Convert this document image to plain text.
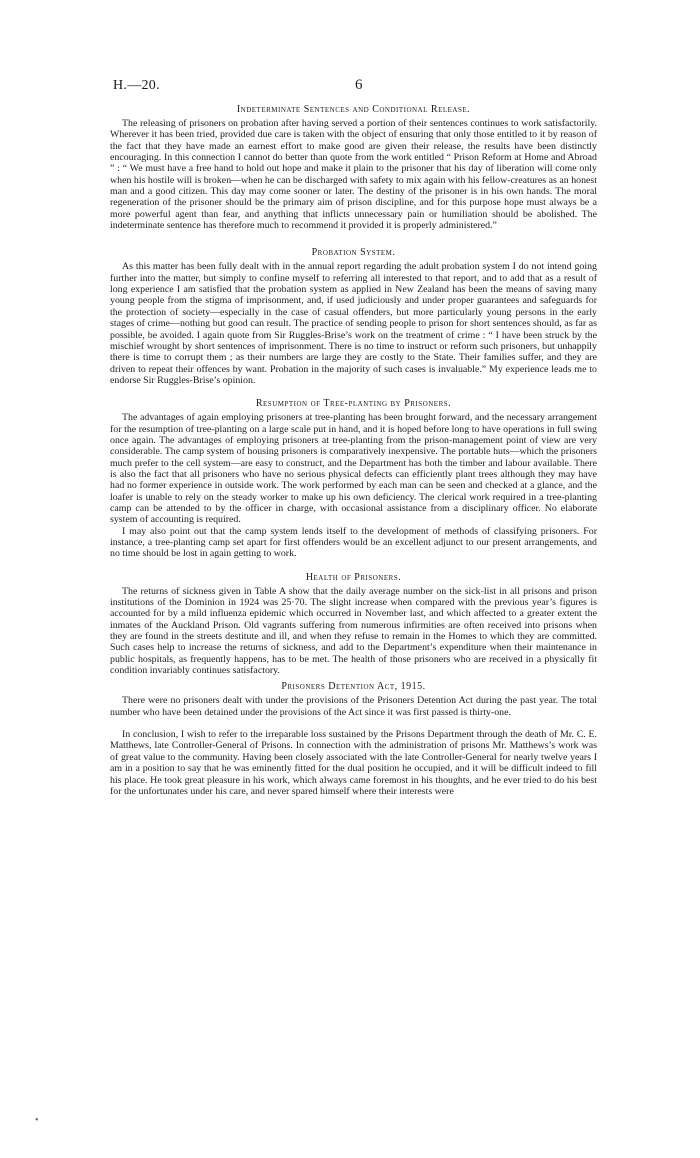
H.—20.	6
Indeterminate Sentences and Conditional Release.

The releasing of prisoners on probation after having served a portion of their sentences continues to work satisfactorily. Wherever it has been tried, provided due care is taken with the object of ensuring that only those entitled to it by reason of the fact that they have made an earnest effort to make good are given their release, the results have been distinctly encouraging. In this connection I cannot do better than quote from the work entitled “ Prison Reform at Home and Abroad ” : “ We must have a free hand to hold out hope and make it plain to the prisoner that his day of liberation will come only when his hostile will is broken—when he can be discharged with safety to mix again with his fellow-creatures as an honest man and a good citizen. This day may come sooner or later. The destiny of the prisoner is in his own hands. The moral regeneration of the prisoner should be the primary aim of prison discipline, and for this purpose hope must always be a more powerful agent than fear, and anything that inflicts unnecessary pain or humiliation should be abolished. The indeterminate sentence has therefore much to recommend it provided it is properly administered.”

Probation System.

As this matter has been fully dealt with in the annual report regarding the adult probation system I do not intend going further into the matter, but simply to confine myself to referring all interested to that report, and to add that as a result of long experience I am satisfied that the probation system as applied in New Zealand has been the means of saving many young people from the stigma of imprisonment, and, if used judiciously and under proper guarantees and safeguards for the protection of society—especially in the case of casual offenders, but more particularly young persons in the early stages of crime—nothing but good can result. The practice of sending people to prison for short sentences should, as far as possible, be avoided. I again quote from Sir Ruggles-Brise’s work on the treatment of crime : “ I have been struck by the mischief wrought by short sentences of imprisonment. There is no time to instruct or reform such prisoners, but unhappily there is time to corrupt them ; as their numbers are large they are costly to the State. Their families suffer, and they are driven to repeat their offences by want. Probation in the majority of such cases is invaluable.” My experience leads me to endorse Sir Ruggles-Brise’s opinion.

Resumption of Tree-planting by Prisoners.

The advantages of again employing prisoners at tree-planting has been brought forward, and the necessary arrangement for the resumption of tree-planting on a large scale put in hand, and it is hoped before long to have operations in full swing once again. The advantages of employing prisoners at tree-planting from the prison-management point of view are very considerable. The camp system of housing prisoners is comparatively inexpensive. The portable huts—which the prisoners much prefer to the cell system—are easy to construct, and the Department has both the timber and labour available. There is also the fact that all prisoners who have no serious physical defects can efficiently plant trees although they may have had no former experience in outside work. The work performed by each man can be seen and checked at a glance, and the loafer is unable to rely on the steady worker to make up his own deficiency. The clerical work required in a tree-planting camp can be attended to by the officer in charge, with occasional assistance from a disciplinary officer. No elaborate system of accounting is required.

I may also point out that the camp system lends itself to the development of methods of classifying prisoners. For instance, a tree-planting camp set apart for first offenders would be an excellent adjunct to our present arrangements, and no time should be lost in again getting to work.

Health of Prisoners.

The returns of sickness given in Table A show that the daily average number on the sick-list in all prisons and prison institutions of the Dominion in 1924 was 25·70. The slight increase when compared with the previous year’s figures is accounted for by a mild influenza epidemic which occurred in November last, and which affected to a greater extent the inmates of the Auckland Prison. Old vagrants suffering from numerous infirmities are often received into prisons when they are found in the streets destitute and ill, and when they refuse to remain in the Homes to which they are committed. Such cases help to increase the returns of sickness, and add to the Department’s expenditure when their maintenance in public hospitals, as frequently happens, has to be met. The health of those prisoners who are received in a physically fit condition invariably continues satisfactory.

Prisoners Detention Act, 1915.

There were no prisoners dealt with under the provisions of the Prisoners Detention Act during the past year. The total number who have been detained under the provisions of the Act since it was first passed is thirty-one.

In conclusion, I wish to refer to the irreparable loss sustained by the Prisons Department through the death of Mr. C. E. Matthews, late Controller-General of Prisons. In connection with the administration of prisons Mr. Matthews’s work was of great value to the community. Having been closely associated with the late Controller-General for nearly twelve years I am in a position to say that he was eminently fitted for the dual position he occupied, and it will be difficult indeed to fill his place. He took great pleasure in his work, which always came foremost in his thoughts, and he ever tried to do his best for the unfortunates under his care, and never spared himself where their interests were

•
